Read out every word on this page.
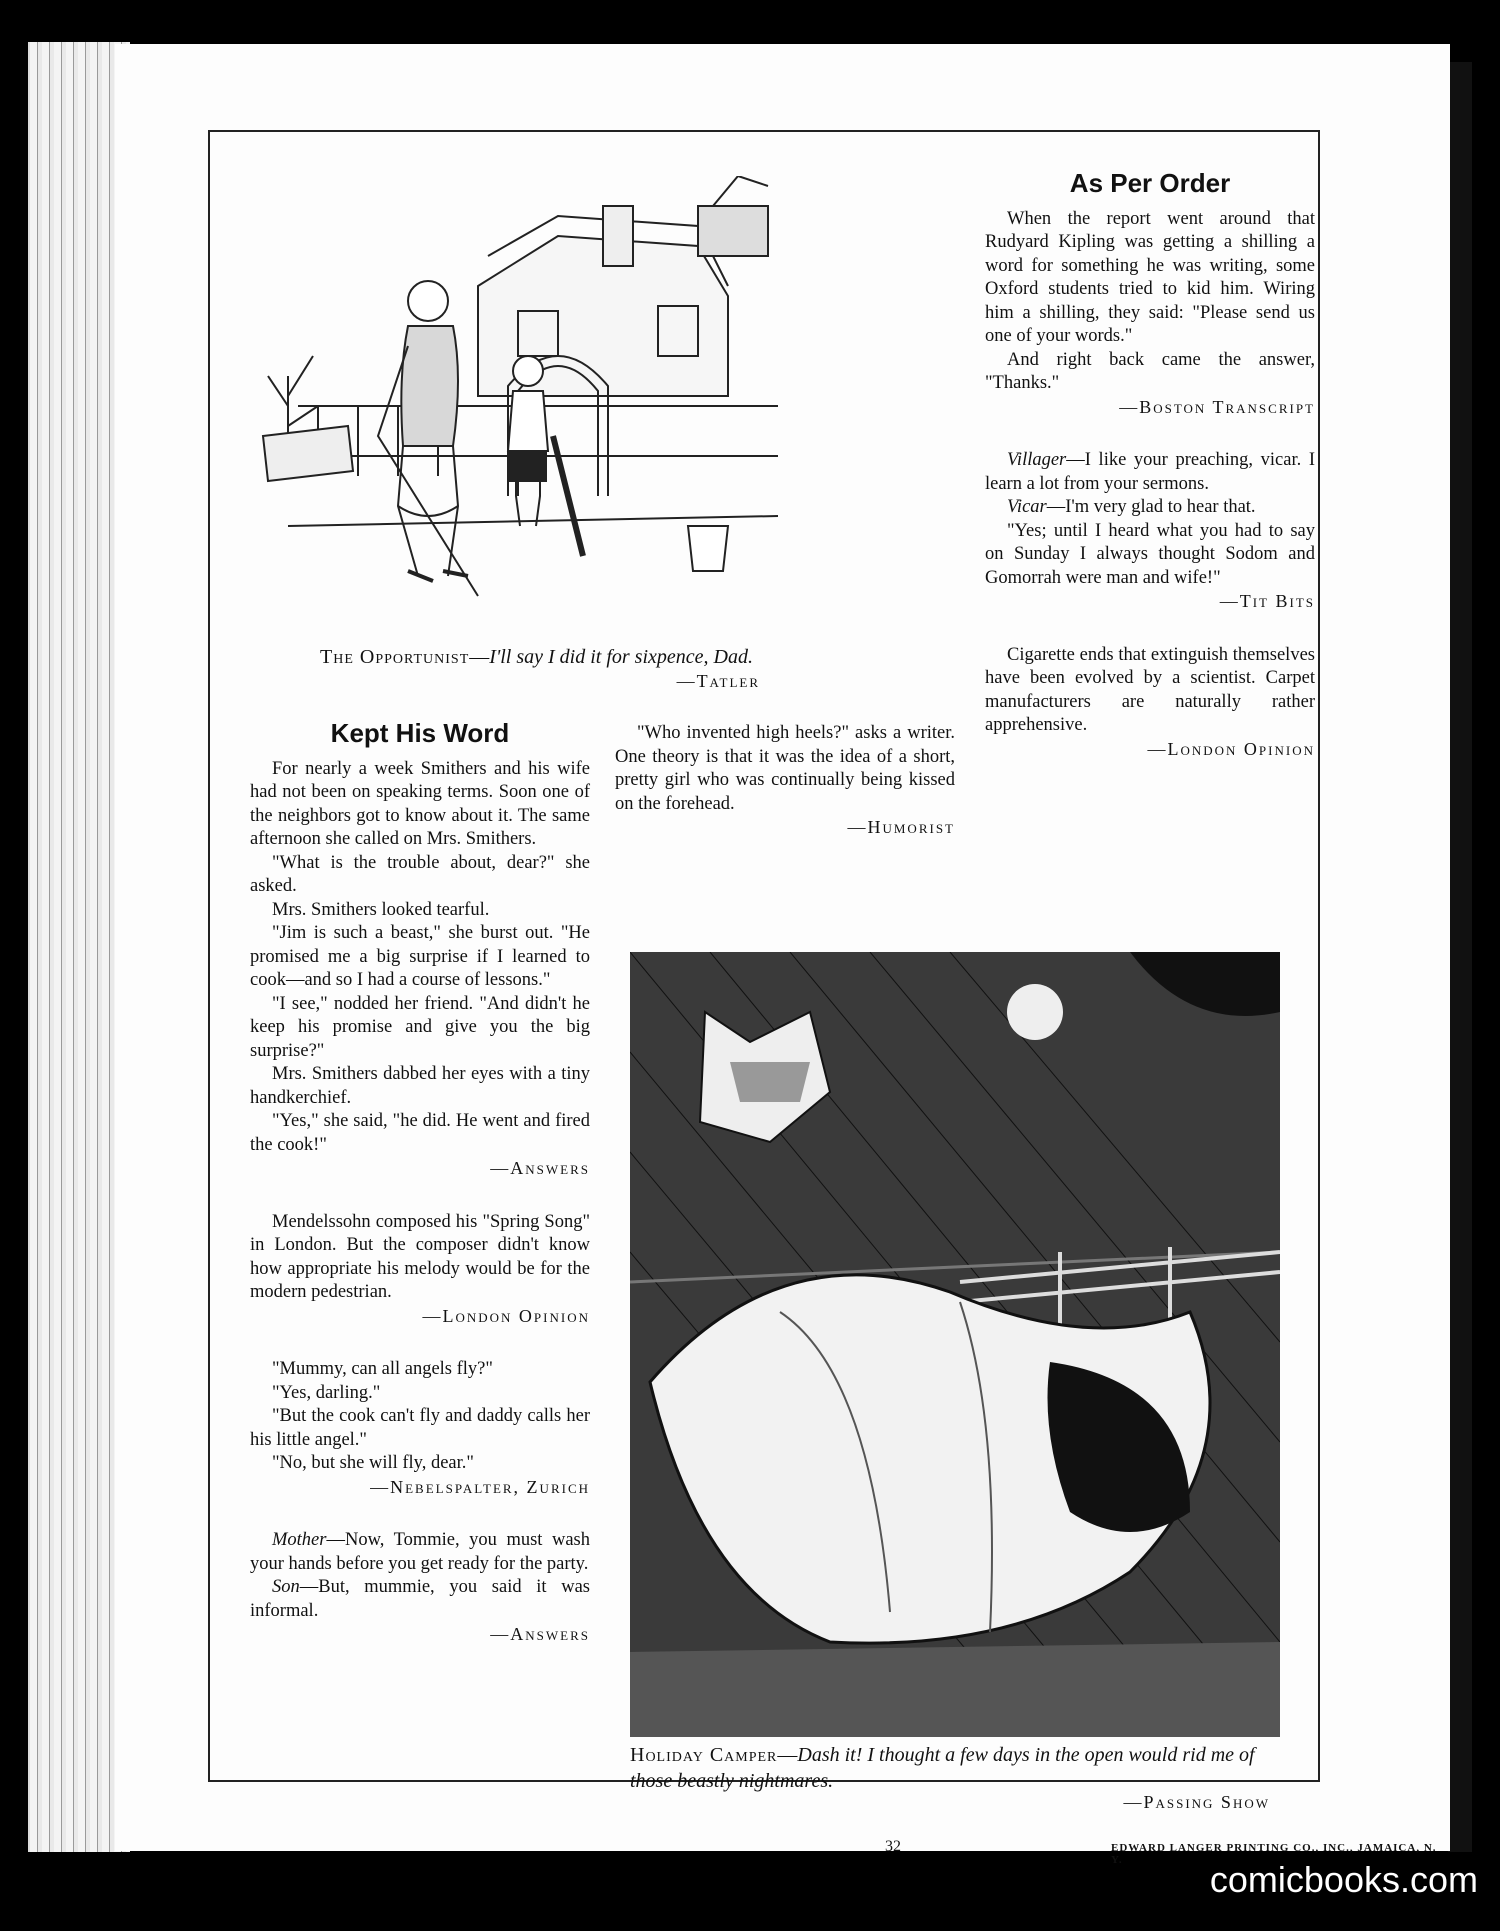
The Opportunist—I'll say I did it for sixpence, Dad.
—Tatler
As Per Order

When the report went around that Rudyard Kipling was getting a shilling a word for something he was writing, some Oxford students tried to kid him. Wiring him a shilling, they said: "Please send us one of your words."

And right back came the answer, "Thanks."

—Boston Transcript

Villager—I like your preaching, vicar. I learn a lot from your sermons.

Vicar—I'm very glad to hear that.

"Yes; until I heard what you had to say on Sunday I always thought Sodom and Gomorrah were man and wife!"

—Tit Bits

Cigarette ends that extinguish themselves have been evolved by a scientist. Carpet manufacturers are naturally rather apprehensive.

—London Opinion
Kept His Word

For nearly a week Smithers and his wife had not been on speaking terms. Soon one of the neighbors got to know about it. The same afternoon she called on Mrs. Smithers.

"What is the trouble about, dear?" she asked.

Mrs. Smithers looked tearful.

"Jim is such a beast," she burst out. "He promised me a big surprise if I learned to cook—and so I had a course of lessons."

"I see," nodded her friend. "And didn't he keep his promise and give you the big surprise?"

Mrs. Smithers dabbed her eyes with a tiny handkerchief.

"Yes," she said, "he did. He went and fired the cook!"

—Answers

Mendelssohn composed his "Spring Song" in London. But the composer didn't know how appropriate his melody would be for the modern pedestrian.

—London Opinion

"Mummy, can all angels fly?"

"Yes, darling."

"But the cook can't fly and daddy calls her his little angel."

"No, but she will fly, dear."

—Nebelspalter, Zurich

Mother—Now, Tommie, you must wash your hands before you get ready for the party.

Son—But, mummie, you said it was informal.

—Answers

"Who invented high heels?" asks a writer. One theory is that it was the idea of a short, pretty girl who was continually being kissed on the forehead.

—Humorist
Holiday Camper—Dash it! I thought a few days in the open would rid me of those beastly nightmares.
—Passing Show
32	EDWARD LANGER PRINTING CO., INC., JAMAICA, N. Y.	comicbooks.com
